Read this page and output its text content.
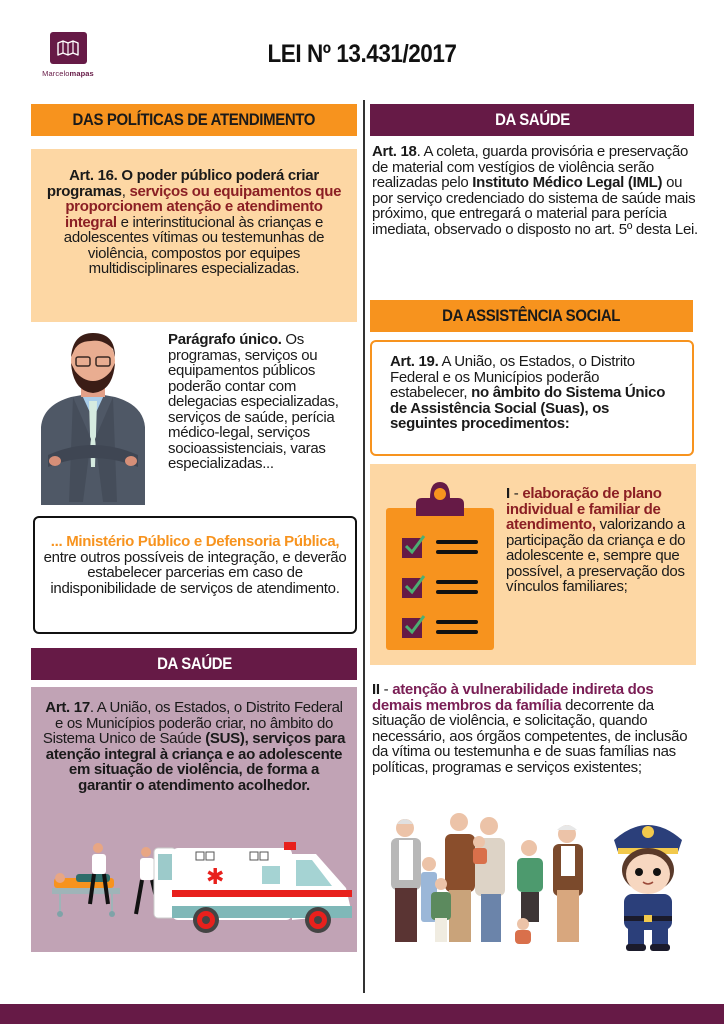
Marcelomapas
LEI Nº 13.431/2017
DAS POLÍTICAS DE ATENDIMENTO
Art. 16. O poder público poderá criar programas, serviços ou equipamentos que proporcionem atenção e atendimento integral e interinstitucional às crianças e adolescentes vítimas ou testemunhas de violência, compostos por equipes multidisciplinares especializadas.
Parágrafo único. Os programas, serviços ou equipamentos públicos poderão contar com delegacias especializadas, serviços de saúde, perícia médico-legal, serviços socioassistenciais, varas especializadas...
... Ministério Público e Defensoria Pública, entre outros possíveis de integração, e deverão estabelecer parcerias em caso de indisponibilidade de serviços de atendimento.
DA SAÚDE
Art. 17. A União, os Estados, o Distrito Federal e os Municípios poderão criar, no âmbito do Sistema Unico de Saúde (SUS), serviços para atenção integral à criança e ao adolescente em situação de violência, de forma a garantir o atendimento acolhedor.
✱
DA SAÚDE
Art. 18. A coleta, guarda provisória e preservação de material com vestígios de violência serão realizadas pelo Instituto Médico Legal (IML) ou por serviço credenciado do sistema de saúde mais próximo, que entregará o material para perícia imediata, observado o disposto no art. 5º desta Lei.
DA ASSISTÊNCIA SOCIAL
Art. 19. A União, os Estados, o Distrito Federal e os Municípios poderão estabelecer, no âmbito do Sistema Único de Assistência Social (Suas), os seguintes procedimentos:
I - elaboração de plano individual e familiar de atendimento, valorizando a participação da criança e do adolescente e, sempre que possível, a preservação dos vínculos familiares;
II - atenção à vulnerabilidade indireta dos demais membros da família decorrente da situação de violência, e solicitação, quando necessário, aos órgãos competentes, de inclusão da vítima ou testemunha e de suas famílias nas políticas, programas e serviços existentes;
